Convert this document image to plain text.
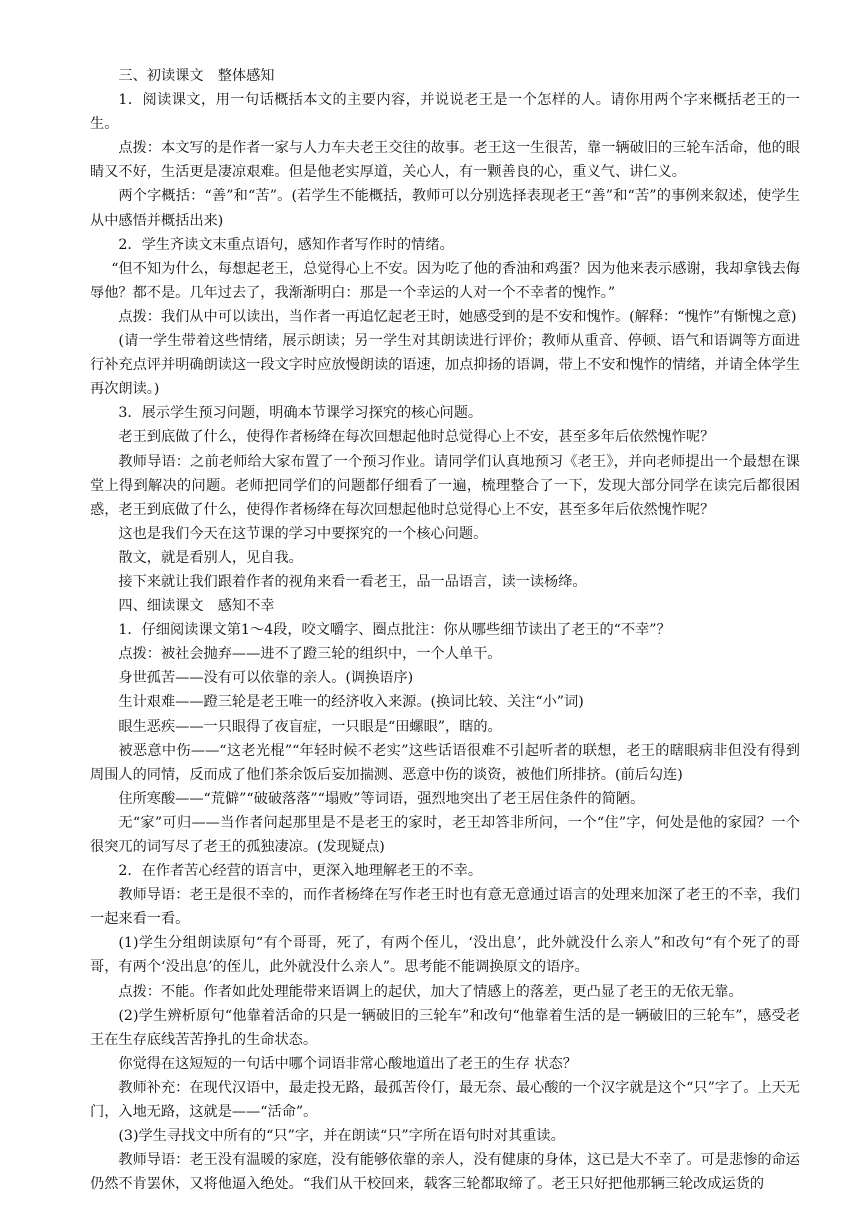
三、初读课文　整体感知

1．阅读课文，用一句话概括本文的主要内容，并说说老王是一个怎样的人。请你用两个字来概括老王的一生。

点拨：本文写的是作者一家与人力车夫老王交往的故事。老王这一生很苦，靠一辆破旧的三轮车活命，他的眼睛又不好，生活更是凄凉艰难。但是他老实厚道，关心人，有一颗善良的心，重义气、讲仁义。

两个字概括：“善”和“苦”。(若学生不能概括，教师可以分别选择表现老王“善”和“苦”的事例来叙述，使学生从中感悟并概括出来)

2．学生齐读文末重点语句，感知作者写作时的情绪。

“但不知为什么，每想起老王，总觉得心上不安。因为吃了他的香油和鸡蛋？因为他来表示感谢，我却拿钱去侮辱他？都不是。几年过去了，我渐渐明白：那是一个幸运的人对一个不幸者的愧怍。”

点拨：我们从中可以读出，当作者一再追忆起老王时，她感受到的是不安和愧怍。(解释：“愧怍”有惭愧之意)

(请一学生带着这些情绪，展示朗读；另一学生对其朗读进行评价；教师从重音、停顿、语气和语调等方面进行补充点评并明确朗读这一段文字时应放慢朗读的语速，加点抑扬的语调，带上不安和愧怍的情绪，并请全体学生再次朗读。)

3．展示学生预习问题，明确本节课学习探究的核心问题。

老王到底做了什么，使得作者杨绛在每次回想起他时总觉得心上不安，甚至多年后依然愧怍呢？

教师导语：之前老师给大家布置了一个预习作业。请同学们认真地预习《老王》，并向老师提出一个最想在课堂上得到解决的问题。老师把同学们的问题都仔细看了一遍，梳理整合了一下，发现大部分同学在读完后都很困惑，老王到底做了什么，使得作者杨绛在每次回想起他时总觉得心上不安，甚至多年后依然愧怍呢？

这也是我们今天在这节课的学习中要探究的一个核心问题。

散文，就是看别人，见自我。

接下来就让我们跟着作者的视角来看一看老王，品一品语言，读一读杨绛。

四、细读课文　感知不幸

1．仔细阅读课文第1～4段，咬文嚼字、圈点批注：你从哪些细节读出了老王的“不幸”？

点拨：被社会抛弃——进不了蹬三轮的组织中，一个人单干。

身世孤苦——没有可以依靠的亲人。(调换语序)

生计艰难——蹬三轮是老王唯一的经济收入来源。(换词比较、关注“小”词)

眼生恶疾——一只眼得了夜盲症，一只眼是“田螺眼”，瞎的。

被恶意中伤——“这老光棍”“年轻时候不老实”这些话语很难不引起听者的联想，老王的瞎眼病非但没有得到周围人的同情，反而成了他们茶余饭后妄加揣测、恶意中伤的谈资，被他们所排挤。(前后勾连)

住所寒酸——“荒僻”“破破落落”“塌败”等词语，强烈地突出了老王居住条件的简陋。

无“家”可归——当作者问起那里是不是老王的家时，老王却答非所问，一个“住”字，何处是他的家园？一个很突兀的词写尽了老王的孤独凄凉。(发现疑点)

2．在作者苦心经营的语言中，更深入地理解老王的不幸。

教师导语：老王是很不幸的，而作者杨绛在写作老王时也有意无意通过语言的处理来加深了老王的不幸，我们一起来看一看。

(1)学生分组朗读原句“有个哥哥，死了，有两个侄儿，‘没出息’，此外就没什么亲人”和改句“有个死了的哥哥，有两个‘没出息’的侄儿，此外就没什么亲人”。思考能不能调换原文的语序。

点拨：不能。作者如此处理能带来语调上的起伏，加大了情感上的落差，更凸显了老王的无依无靠。

(2)学生辨析原句“他靠着活命的只是一辆破旧的三轮车”和改句“他靠着生活的是一辆破旧的三轮车”，感受老王在生存底线苦苦挣扎的生命状态。

你觉得在这短短的一句话中哪个词语非常心酸地道出了老王的生存 状态？

教师补充：在现代汉语中，最走投无路，最孤苦伶仃，最无奈、最心酸的一个汉字就是这个“只”字了。上天无门，入地无路，这就是——“活命”。

(3)学生寻找文中所有的“只”字，并在朗读“只”字所在语句时对其重读。

教师导语：老王没有温暖的家庭，没有能够依靠的亲人，没有健康的身体，这已是大不幸了。可是悲惨的命运仍然不肯罢休，又将他逼入绝处。“我们从干校回来，载客三轮都取缔了。老王只好把他那辆三轮改成运货的
